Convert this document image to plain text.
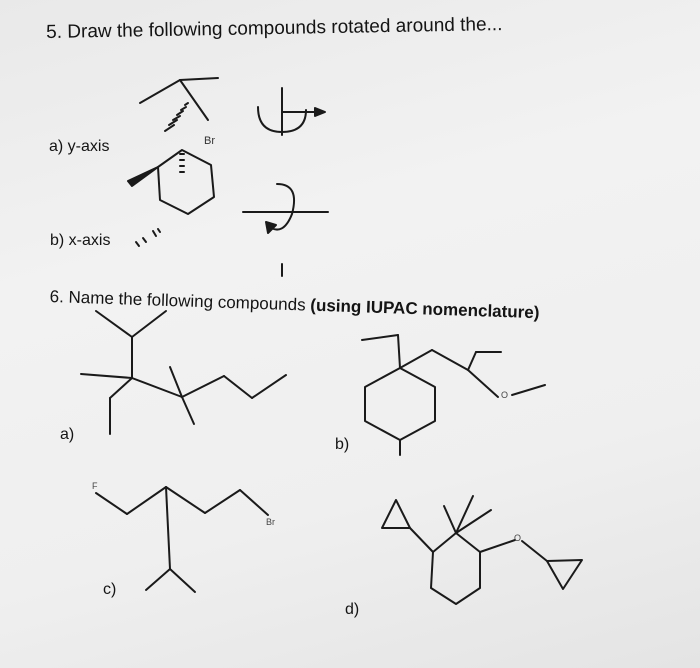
5. Draw the following compounds rotated around the...
a) y-axis
b) x-axis
Br
6. Name the following compounds (using IUPAC nomenclature)
a)
b)
c)
d)
O
F
Br
O
